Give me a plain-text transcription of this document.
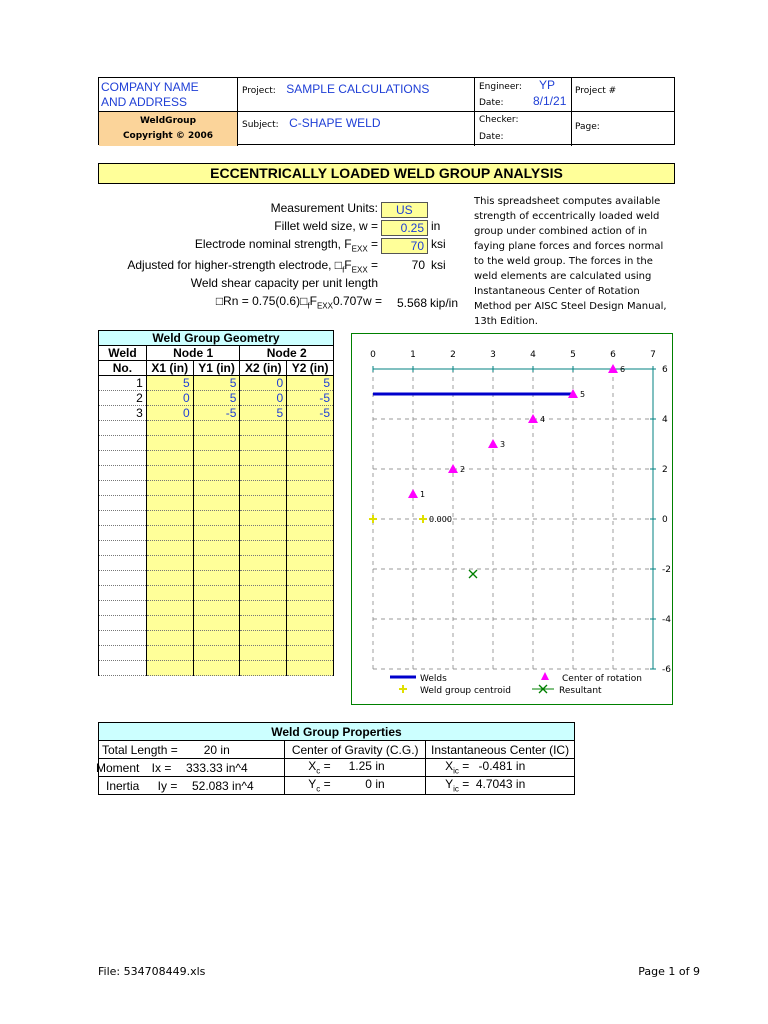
COMPANY NAME
AND ADDRESS
WeldGroup
Copyright © 2006
Project: SAMPLE CALCULATIONS
Subject: C-SHAPE WELD
Engineer: YP
Date: 8/1/21
Checker:
Date:
Project #
Page:
ECCENTRICALLY LOADED WELD GROUP ANALYSIS
Measurement Units:	US
Fillet weld size, w =	0.25 in
Electrode nominal strength, $F_{EXX}$ =	70 ksi
Adjusted for higher-strength electrode, $□_fF_{EXX}$ =	70 ksi
Weld shear capacity per unit length
□Rn = $0.75(0.6)□_fF_{EXX}0.707w$ =	5.568 kip/in
This spreadsheet computes available strength of eccentrically loaded weld group under combined action of in faying plane forces and forces normal to the weld group. The forces in the weld elements are calculated using Instantaneous Center of Rotation Method per AISC Steel Design Manual, 13th Edition.
Weld Group Geometry				
Weld	Node 1		Node 2	
No.	X1 (in)	Y1 (in)	X2 (in)	Y2 (in)
1	5	5	0	5
2	0	5	0	-5
3	0	-5	5	-5

0	1	2	3	4	5	6	7
6
4
2
0
-2
-4
-6
0.000
1
2
3
4
5
6
Welds	Center of rotation
Weld group centroid	Resultant
Weld Group Properties		
Total Length = 20 in	Center of Gravity (C.G.)	Instantaneous Center (IC)
Moment Ix = 333.33 in^4	$X_c = 1.25$ in	$X_{ic} = -0.481$ in
Inertia Iy = 52.083 in^4	$Y_c = 0$ in	$Y_{ic} = 4.7043$ in
File: 534708449.xls	Page 1 of 9
